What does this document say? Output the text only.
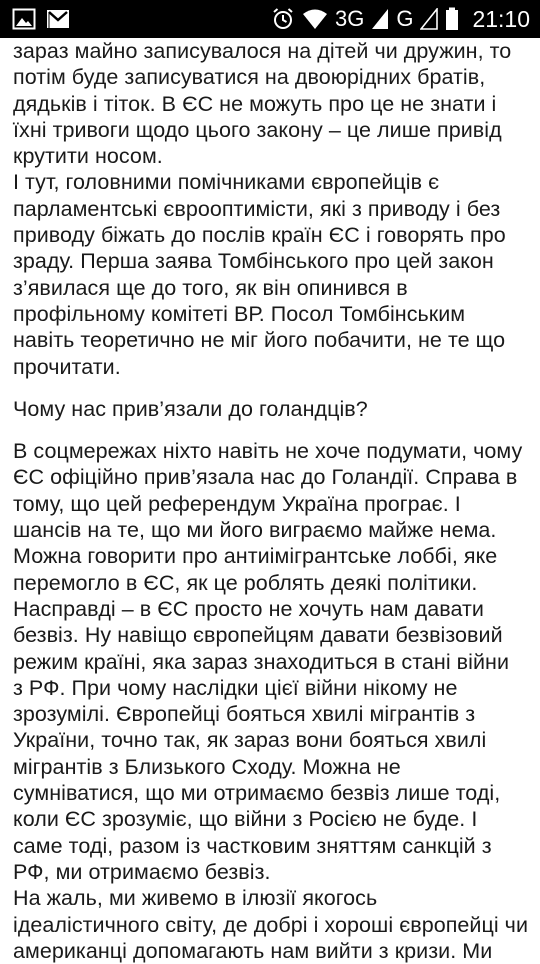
3G G	21:10

зараз майно записувалося на дітей чи дружин, то
потім буде записуватися на двоюрідних братів,
дядьків і тіток. В ЄС не можуть про це не знати і
їхні тривоги щодо цього закону – це лише привід
крутити носом.

І тут, головними помічниками європейців є
парламентські єврооптимісти, які з приводу і без
приводу біжать до послів країн ЄС і говорять про
зраду. Перша заява Томбінського про цей закон
з’явилася ще до того, як він опинився в
профільному комітеті ВР. Посол Томбінським
навіть теоретично не міг його побачити, не те що
прочитати.

Чому нас прив’язали до голандців?

В соцмережах ніхто навіть не хоче подумати, чому
ЄС офіційно прив’язала нас до Голандії. Справа в
тому, що цей референдум Україна програє. І
шансів на те, що ми його виграємо майже нема.
Можна говорити про антиімігрантське лоббі, яке
перемогло в ЄС, як це роблять деякі політики.
Насправді – в ЄС просто не хочуть нам давати
безвіз. Ну навіщо європейцям давати безвізовий
режим країні, яка зараз знаходиться в стані війни
з РФ. При чому наслідки цієї війни нікому не
зрозумілі. Європейці бояться хвилі мігрантів з
України, точно так, як зараз вони бояться хвилі
мігрантів з Близького Сходу. Можна не
сумніватися, що ми отримаємо безвіз лише тоді,
коли ЄС зрозуміє, що війни з Росією не буде. І
саме тоді, разом із частковим зняттям санкцій з
РФ, ми отримаємо безвіз.

На жаль, ми живемо в ілюзії якогось
ідеалістичного світу, де добрі і хороші європейці чи
американці допомагають нам вийти з кризи. Ми
